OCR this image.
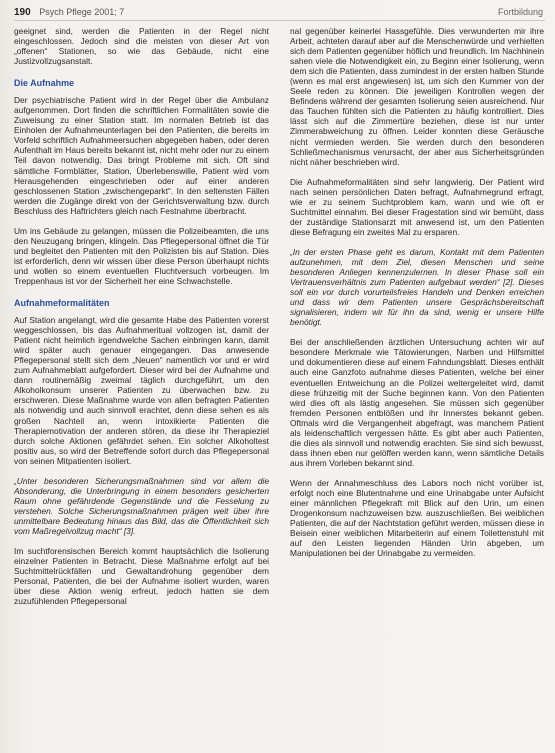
190 Psych Pflege 2001; 7	Fortbildung

geeignet sind, werden die Patienten in der Regel nicht eingeschlossen. Jedoch sind die meisten von dieser Art von „offenen“ Stationen, so wie das Gebäude, nicht eine Justizvollzugsanstalt.

Die Aufnahme

Der psychiatrische Patient wird in der Regel über die Ambulanz aufgenommen. Dort finden die schriftlichen Formalitäten sowie die Zuweisung zu einer Station statt. Im normalen Betrieb ist das Einholen der Aufnahmeunterlagen bei den Patienten, die bereits im Vorfeld schriftlich Aufnahmeersuchen abgegeben haben, oder deren Aufenthalt im Haus bereits bekannt ist, nicht mehr oder nur zu einem Teil davon notwendig. Das bringt Probleme mit sich. Oft sind sämtliche Formblätter, Station, Überlebenswille, Patient wird vom Herausgehenden eingeschrieben oder auf einer anderen geschlossenen Station „zwischengeparkt“. In den seltensten Fällen werden die Zugänge direkt von der Gerichtsverwaltung bzw. durch Beschluss des Haftrichters gleich nach Festnahme überbracht.

Um ins Gebäude zu gelangen, müssen die Polizeibeamten, die uns den Neuzugang bringen, klingeln. Das Pflegepersonal öffnet die Tür und begleitet den Patienten mit den Polizisten bis auf Station. Dies ist erforderlich, denn wir wissen über diese Person überhaupt nichts und wollen so einem eventuellen Fluchtversuch vorbeugen. Im Treppenhaus ist vor der Sicherheit her eine Schwachstelle.

Aufnahmeformalitäten

Auf Station angelangt, wird die gesamte Habe des Patienten vorerst weggeschlossen, bis das Aufnahmeritual vollzogen ist, damit der Patient nicht heimlich irgendwelche Sachen einbringen kann, damit wird später auch genauer eingegangen. Das anwesende Pflegepersonal stellt sich dem „Neuen“ namentlich vor und er wird zum Aufnahmeblatt aufgefordert. Dieser wird bei der Aufnahme und dann routinemäßig zweimal täglich durchgeführt, um den Alkoholkonsum unserer Patienten zu überwachen bzw. zu erschweren. Diese Maßnahme wurde von allen befragten Patienten als notwendig und auch sinnvoll erachtet, denn diese sehen es als großen Nachteil an, wenn intoxikierte Patienten die Therapiemotivation der anderen stören, da diese ihr Therapieziel durch solche Aktionen gefährdet sehen. Ein solcher Alkoholtest positiv aus, so wird der Betreffende sofort durch das Pflegepersonal von seinen Mitpatienten isoliert.

„Unter besonderen Sicherungsmaßnahmen sind vor allem die Absonderung, die Unterbringung in einem besonders gesicherten Raum ohne gefährdende Gegenstände und die Fesselung zu verstehen. Solche Sicherungsmaßnahmen prägen weit über ihre unmittelbare Bedeutung hinaus das Bild, das die Öffentlichkeit sich vom Maßregelvollzug macht“ [3].

Im suchtforensischen Bereich kommt hauptsächlich die Isolierung einzelner Patienten in Betracht. Diese Maßnahme erfolgt auf bei Suchtmittelrückfällen und Gewaltandrohung gegenüber dem Personal, Patienten, die bei der Aufnahme isoliert wurden, waren über diese Aktion wenig erfreut, jedoch hatten sie dem zuzufühlenden Pflegepersonal

nal gegenüber keinerlei Hassgefühle. Dies verwunderten mir ihre Arbeit, achteten darauf aber auf die Menschenwürde und verhielten sich dem Patienten gegenüber höflich und freundlich. Im Nachhinein sahen viele die Notwendigkeit ein, zu Beginn einer Isolierung, wenn dem sich die Patienten, dass zumindest in der ersten halben Stunde (wenn es mal erst angewiesen) ist, um sich den Kummer von der Seele reden zu können. Die jeweiligen Kontrollen wegen der Befindens während der gesamten Isolierung seien ausreichend. Nur das Tauchen fühlten sich die Patienten zu häufig kontrolliert. Dies lässt sich auf die Zimmertüre beziehen, diese ist nur unter Zimmerabweichung zu öffnen. Leider konnten diese Geräusche nicht vermieden werden. Sie werden durch den besonderen Schließmechanismus verursacht, der aber aus Sicherheitsgründen nicht näher beschrieben wird.

Die Aufnahmeformalitäten sind sehr langwierig. Der Patient wird nach seinen persönlichen Daten befragt, Aufnahmegrund erfragt, wie er zu seinem Suchtproblem kam, wann und wie oft er Suchtmittel einnahm. Bei dieser Fragestation sind wir bemüht, dass der zuständige Stationsarzt mit anwesend ist, um den Patienten diese Befragung ein zweites Mal zu ersparen.

„In der ersten Phase geht es darum, Kontakt mit dem Patienten aufzunehmen, mit dem Ziel, diesen Menschen und seine besonderen Anliegen kennenzulernen. In dieser Phase soll ein Vertrauensverhältnis zum Patienten aufgebaut werden“ [2]. Dieses soll ein vor durch vorurteilsfreies Handeln und Denken erreichen und dass wir dem Patienten unsere Gesprächsbereitschaft signalisieren, indem wir für ihn da sind, wenig er unsere Hilfe benötigt.

Bei der anschließenden ärztlichen Untersuchung achten wir auf besondere Merkmale wie Tätowierungen, Narben und Hilfsmittel und dokumentieren diese auf einem Fahndungsblatt. Dieses enthält auch eine Ganzfoto aufnahme dieses Patienten, welche bei einer eventuellen Entweichung an die Polizei weitergeleitet wird, damit diese frühzeitig mit der Suche beginnen kann. Von den Patienten wird dies oft als lästig angesehen. Sie müssen sich gegenüber fremden Personen entblößen und ihr Innerstes bekannt geben. Oftmals wird die Vergangenheit abgefragt, was manchem Patient als leidenschaftlich vergessen hätte. Es gibt aber auch Patienten, die dies als sinnvoll und notwendig erachten. Sie sind sich bewusst, dass ihnen eben nur gelöffen werden kann, wenn sämtliche Details aus ihrem Vorleben bekannt sind.

Wenn der Annahmeschluss des Labors noch nicht vorüber ist, erfolgt noch eine Blutentnahme und eine Urinabgabe unter Aufsicht einer männlichen Pflegekraft mit Blick auf den Urin, um einen Drogenkonsum nachzuweisen bzw. auszuschließen. Bei weiblichen Patienten, die auf der Nachtstation geführt werden, müssen diese in Beisein einer weiblichen Mitarbeiterin auf einem Toilettenstuhl mit auf den Leisten liegenden Händen Urin abgeben, um Manipulationen bei der Urinabgabe zu vermeiden.
